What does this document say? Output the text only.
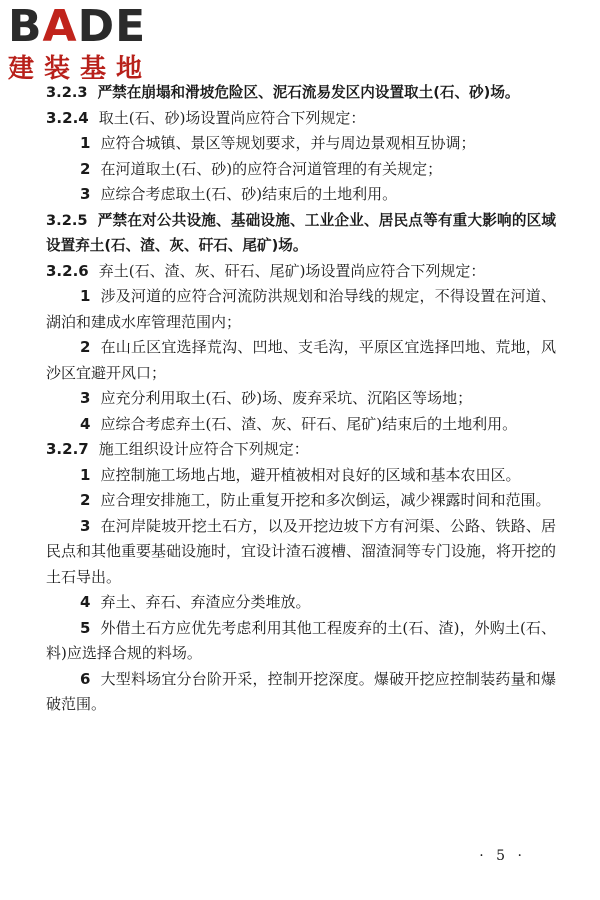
BADE
建装基地

3.2.3 严禁在崩塌和滑坡危险区、泥石流易发区内设置取土(石、砂)场。

3.2.4 取土(石、砂)场设置尚应符合下列规定：

1 应符合城镇、景区等规划要求，并与周边景观相互协调；

2 在河道取土(石、砂)的应符合河道管理的有关规定；

3 应综合考虑取土(石、砂)结束后的土地利用。

3.2.5 严禁在对公共设施、基础设施、工业企业、居民点等有重大影响的区域设置弃土(石、渣、灰、矸石、尾矿)场。

3.2.6 弃土(石、渣、灰、矸石、尾矿)场设置尚应符合下列规定：

1 涉及河道的应符合河流防洪规划和治导线的规定，不得设置在河道、湖泊和建成水库管理范围内；

2 在山丘区宜选择荒沟、凹地、支毛沟，平原区宜选择凹地、荒地，风沙区宜避开风口；

3 应充分利用取土(石、砂)场、废弃采坑、沉陷区等场地；

4 应综合考虑弃土(石、渣、灰、矸石、尾矿)结束后的土地利用。

3.2.7 施工组织设计应符合下列规定：

1 应控制施工场地占地，避开植被相对良好的区域和基本农田区。

2 应合理安排施工，防止重复开挖和多次倒运，减少裸露时间和范围。

3 在河岸陡坡开挖土石方，以及开挖边坡下方有河渠、公路、铁路、居民点和其他重要基础设施时，宜设计渣石渡槽、溜渣洞等专门设施，将开挖的土石导出。

4 弃土、弃石、弃渣应分类堆放。

5 外借土石方应优先考虑利用其他工程废弃的土(石、渣)，外购土(石、料)应选择合规的料场。

6 大型料场宜分台阶开采，控制开挖深度。爆破开挖应控制装药量和爆破范围。

· 5 ·
